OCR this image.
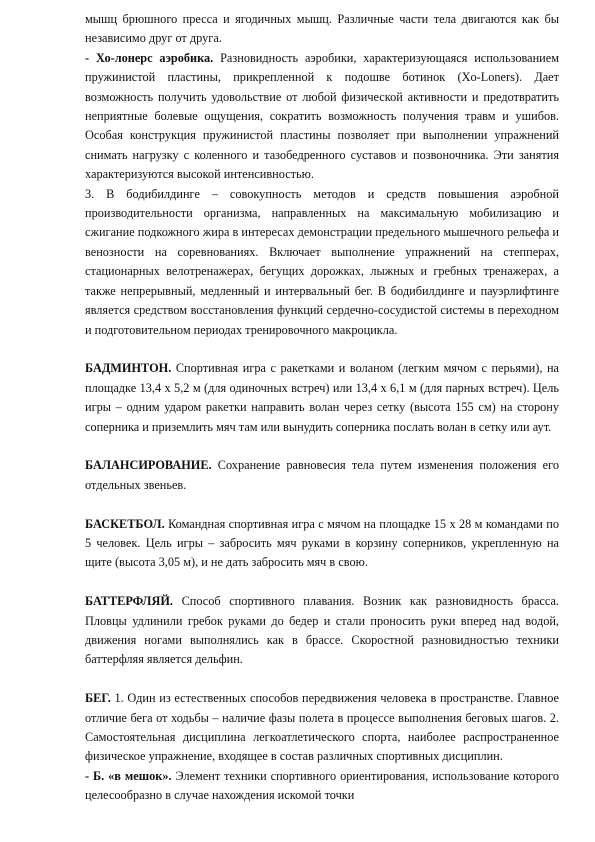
мышц брюшного пресса и ягодичных мышц. Различные части тела двигаются как бы независимо друг от друга.

- Хо-лонерс аэробика. Разновидность аэробики, характеризующаяся использованием пружинистой пластины, прикрепленной к подошве ботинок (Xo-Loners). Дает возможность получить удовольствие от любой физической активности и предотвратить неприятные болевые ощущения, сократить возможность получения травм и ушибов. Особая конструкция пружинистой пластины позволяет при выполнении упражнений снимать нагрузку с коленного и тазобедренного суставов и позвоночника. Эти занятия характеризуются высокой интенсивностью.

3. В бодибилдинге – совокупность методов и средств повышения аэробной производительности организма, направленных на максимальную мобилизацию и сжигание подкожного жира в интересах демонстрации предельного мышечного рельефа и венозности на соревнованиях. Включает выполнение упражнений на степперах, стационарных велотренажерах, бегущих дорожках, лыжных и гребных тренажерах, а также непрерывный, медленный и интервальный бег. В бодибилдинге и пауэрлифтинге является средством восстановления функций сердечно-сосудистой системы в переходном и подготовительном периодах тренировочного макроцикла.

БАДМИНТОН. Спортивная игра с ракетками и воланом (легким мячом с перьями), на площадке 13,4 х 5,2 м (для одиночных встреч) или 13,4 х 6,1 м (для парных встреч). Цель игры – одним ударом ракетки направить волан через сетку (высота 155 см) на сторону соперника и приземлить мяч там или вынудить соперника послать волан в сетку или аут.

БАЛАНСИРОВАНИЕ. Сохранение равновесия тела путем изменения положения его отдельных звеньев.

БАСКЕТБОЛ. Командная спортивная игра с мячом на площадке 15 х 28 м командами по 5 человек. Цель игры – забросить мяч руками в корзину соперников, укрепленную на щите (высота 3,05 м), и не дать забросить мяч в свою.

БАТТЕРФЛЯЙ. Способ спортивного плавания. Возник как разновидность брасса. Пловцы удлинили гребок руками до бедер и стали проносить руки вперед над водой, движения ногами выполнялись как в брассе. Скоростной разновидностью техники баттерфляя является дельфин.

БЕГ. 1. Один из естественных способов передвижения человека в пространстве. Главное отличие бега от ходьбы – наличие фазы полета в процессе выполнения беговых шагов. 2. Самостоятельная дисциплина легкоатлетического спорта, наиболее распространенное физическое упражнение, входящее в состав различных спортивных дисциплин.

- Б. «в мешок». Элемент техники спортивного ориентирования, использование которого целесообразно в случае нахождения искомой точки
